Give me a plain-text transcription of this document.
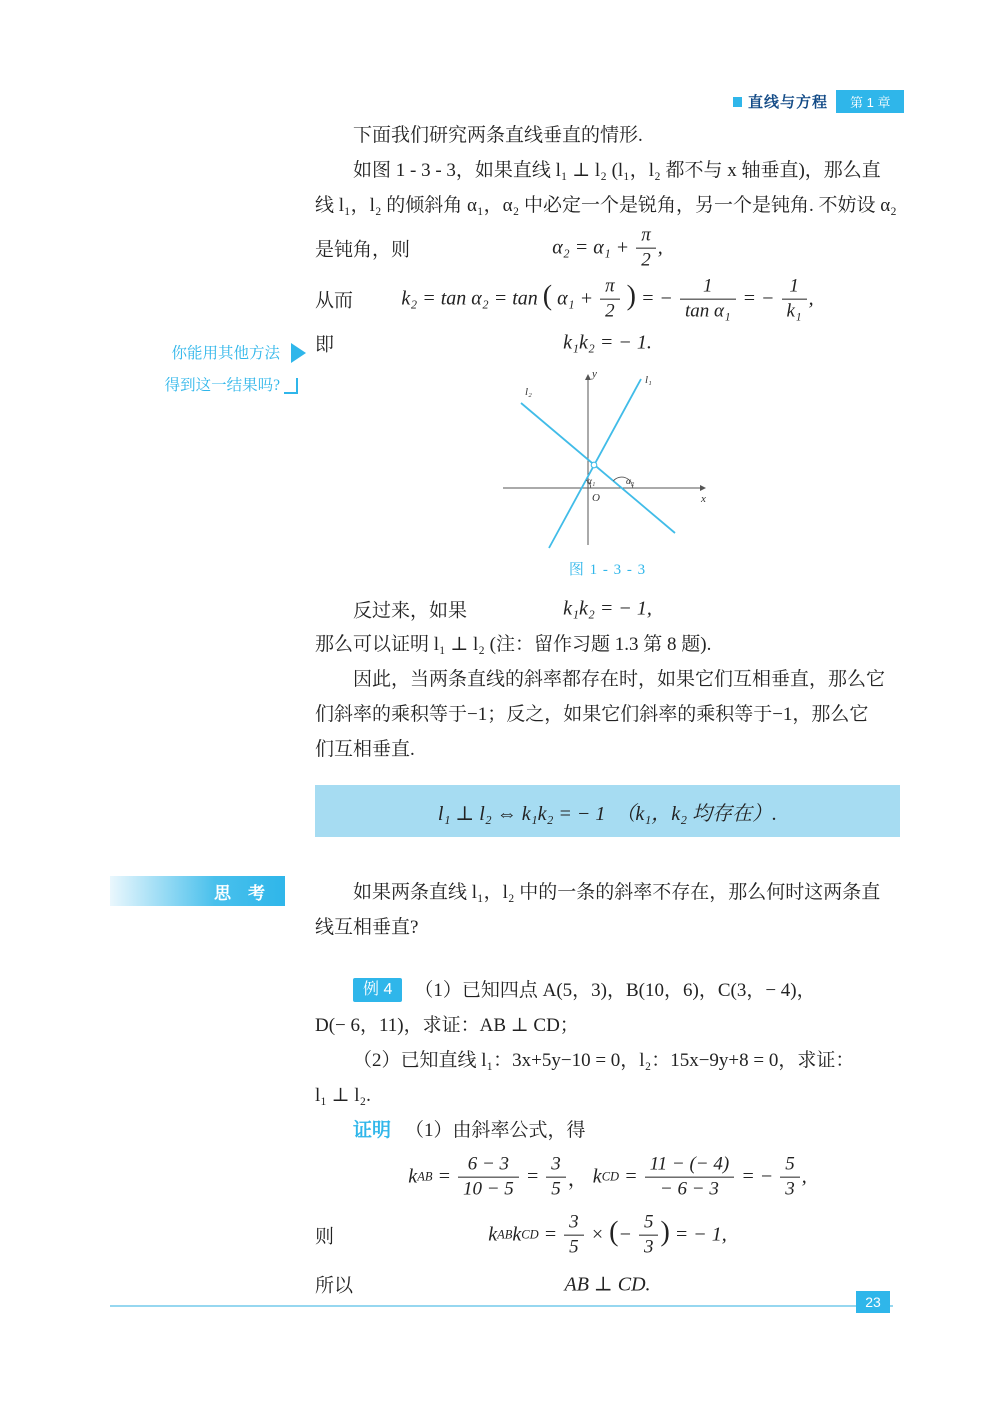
直线与方程	第 1 章
你能用其他方法
得到这一结果吗?
思　考
下面我们研究两条直线垂直的情形.
如图 1 - 3 - 3，如果直线 l₁ ⊥ l₂ (l₁，l₂ 都不与 x 轴垂直)，那么直
线 l₁，l₂ 的倾斜角 α₁，α₂ 中必定一个是锐角，另一个是钝角. 不妨设 α₂
是钝角，则	$\alpha_2 = \alpha_1 + \frac{\pi}{2}$ ,
从而	k₂ = tan α₂ = tan ( $\alpha_1 + \frac{\pi}{2}$ ) = − $\frac{1}{\text{tan α₁}}$ = − $\frac{1}{\text{k₁}}$ ,
即	k₁k₂ = − 1.
y
x
O
l₁
l₂
α₁	α₂
图 1 - 3 - 3
反过来，如果	k₁k₂ = − 1,
那么可以证明 l₁ ⊥ l₂ (注：留作习题 1.3 第 8 题).
因此，当两条直线的斜率都存在时，如果它们互相垂直，那么它
们斜率的乘积等于−1；反之，如果它们斜率的乘积等于−1，那么它
们互相垂直.
l₁ ⊥ l₂ ⇔ k₁k₂ = − 1　（k₁，k₂ 均存在）.
如果两条直线 l₁，l₂ 中的一条的斜率不存在，那么何时这两条直
线互相垂直?
例 4 （1）已知四点 A(5，3)，B(10，6)，C(3，− 4)，
D(− 6，11)，求证：AB ⊥ CD；
（2）已知直线 l₁：3x+5y−10 = 0，l₂：15x−9y+8 = 0，求证：
l₁ ⊥ l₂.
证明 （1）由斜率公式，得
kAB = $\frac{6 - 3}{10 - 5} = \frac{3}{5}$ ， kCD = $\frac{11 - (- 4)}{- 6 - 3}$ = − $\frac{5}{3}$ ,
则	kABkCD = $\frac{3}{5}$ × (− $\frac{5}{3}$ ) = − 1,
所以	AB ⊥ CD.
23
